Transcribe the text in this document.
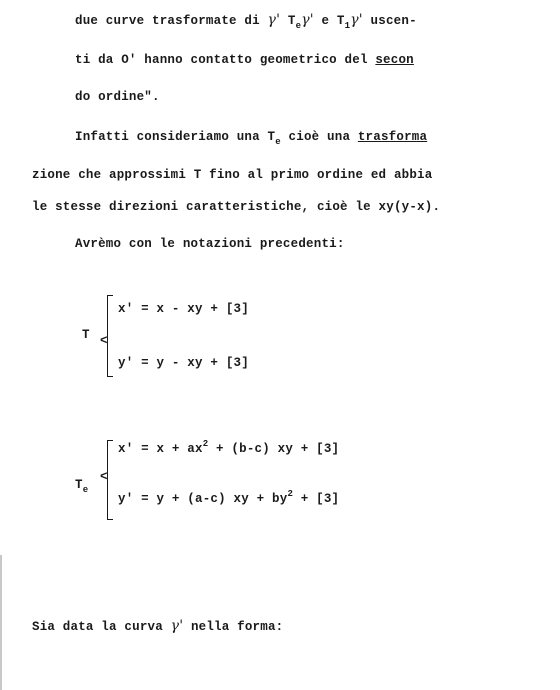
due curve trasformate di γ' $T_e\gamma'$ e $T_1\gamma'$ uscen-
ti da O' hanno contatto geometrico del secon
do ordine".
Infatti consideriamo una $T_e$ cioè una trasforma
zione che approssimi T fino al primo ordine ed abbia
le stesse direzioni caratteristiche, cioè le xy(y-x).
Avrèmo con le notazioni precedenti:
T <
x' = x - xy + [3]
y' = y - xy + [3]
$T_e$
<
$x' = x + ax^2 + (b-c)$ xy + [3]
y' = y + (a-c) xy + $by^2 + [3]$
Sia data la curva γ' nella forma:
